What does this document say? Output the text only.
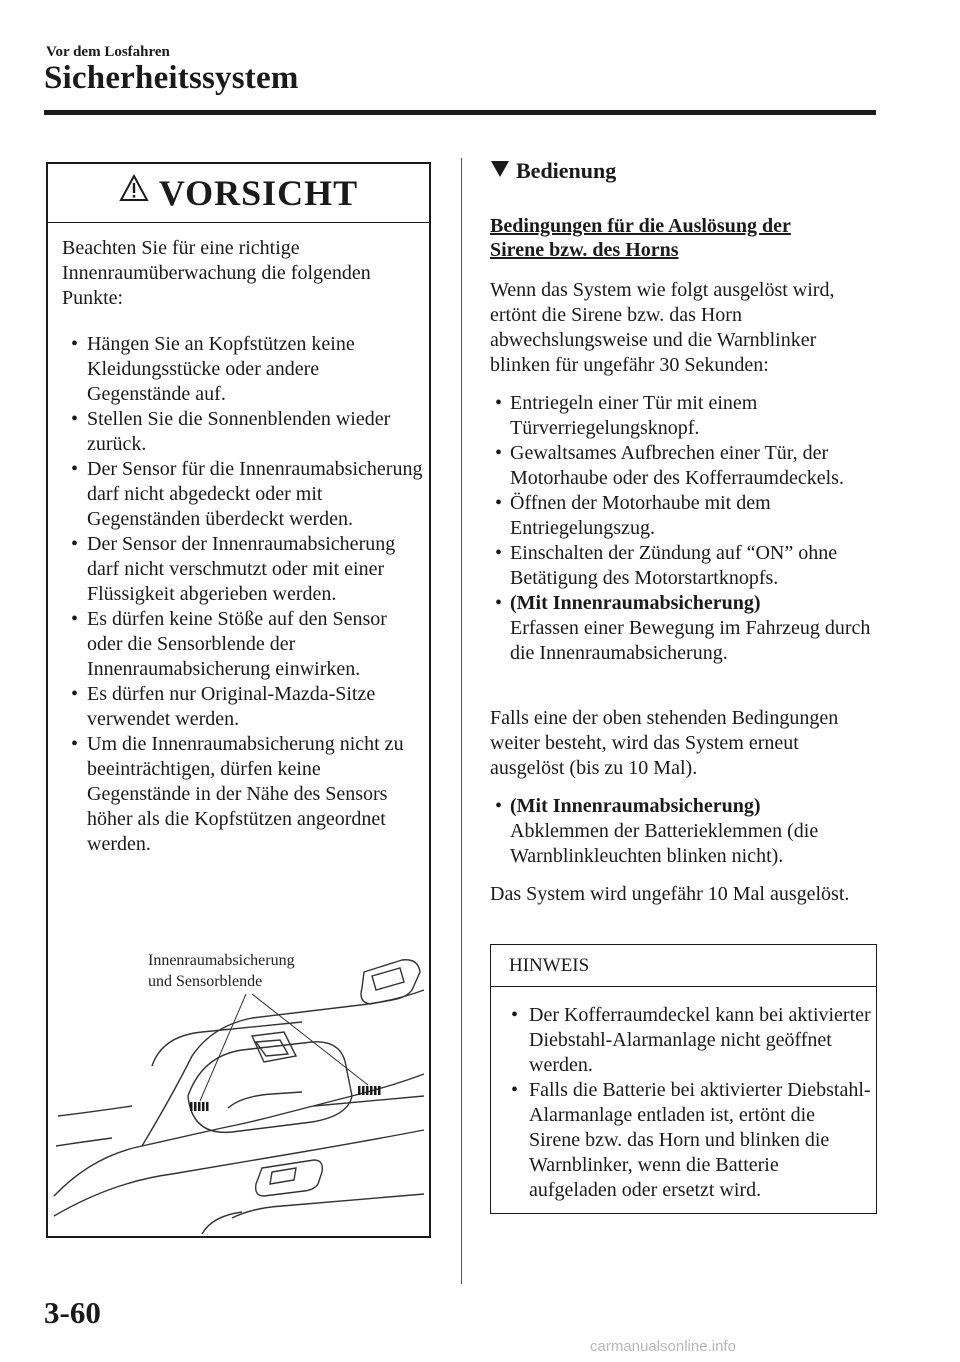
Vor dem Losfahren
Sicherheitssystem
VORSICHT
Beachten Sie für eine richtige Innenraumüberwachung die folgenden Punkte:
• Hängen Sie an Kopfstützen keine Kleidungsstücke oder andere Gegenstände auf.
• Stellen Sie die Sonnenblenden wieder zurück.
• Der Sensor für die Innenraumabsicherung darf nicht abgedeckt oder mit Gegenständen überdeckt werden.
• Der Sensor der Innenraumabsicherung darf nicht verschmutzt oder mit einer Flüssigkeit abgerieben werden.
• Es dürfen keine Stöße auf den Sensor oder die Sensorblende der Innenraumabsicherung einwirken.
• Es dürfen nur Original-Mazda-Sitze verwendet werden.
• Um die Innenraumabsicherung nicht zu beeinträchtigen, dürfen keine Gegenstände in der Nähe des Sensors höher als die Kopfstützen angeordnet werden.
Innenraumabsicherung
und Sensorblende
Bedienung
Bedingungen für die Auslösung der
Sirene bzw. des Horns
Wenn das System wie folgt ausgelöst wird, ertönt die Sirene bzw. das Horn abwechslungsweise und die Warnblinker blinken für ungefähr 30 Sekunden:
• Entriegeln einer Tür mit einem Türverriegelungsknopf.
• Gewaltsames Aufbrechen einer Tür, der Motorhaube oder des Kofferraumdeckels.
• Öffnen der Motorhaube mit dem Entriegelungszug.
• Einschalten der Zündung auf “ON” ohne Betätigung des Motorstartknopfs.
• (Mit Innenraumabsicherung)
Erfassen einer Bewegung im Fahrzeug durch die Innenraumabsicherung.
Falls eine der oben stehenden Bedingungen weiter besteht, wird das System erneut ausgelöst (bis zu 10 Mal).
• (Mit Innenraumabsicherung)
Abklemmen der Batterieklemmen (die Warnblinkleuchten blinken nicht).
Das System wird ungefähr 10 Mal ausgelöst.
HINWEIS
• Der Kofferraumdeckel kann bei aktivierter Diebstahl-Alarmanlage nicht geöffnet werden.
• Falls die Batterie bei aktivierter Diebstahl-Alarmanlage entladen ist, ertönt die Sirene bzw. das Horn und blinken die Warnblinker, wenn die Batterie aufgeladen oder ersetzt wird.
3-60
carmanualsonline.info
